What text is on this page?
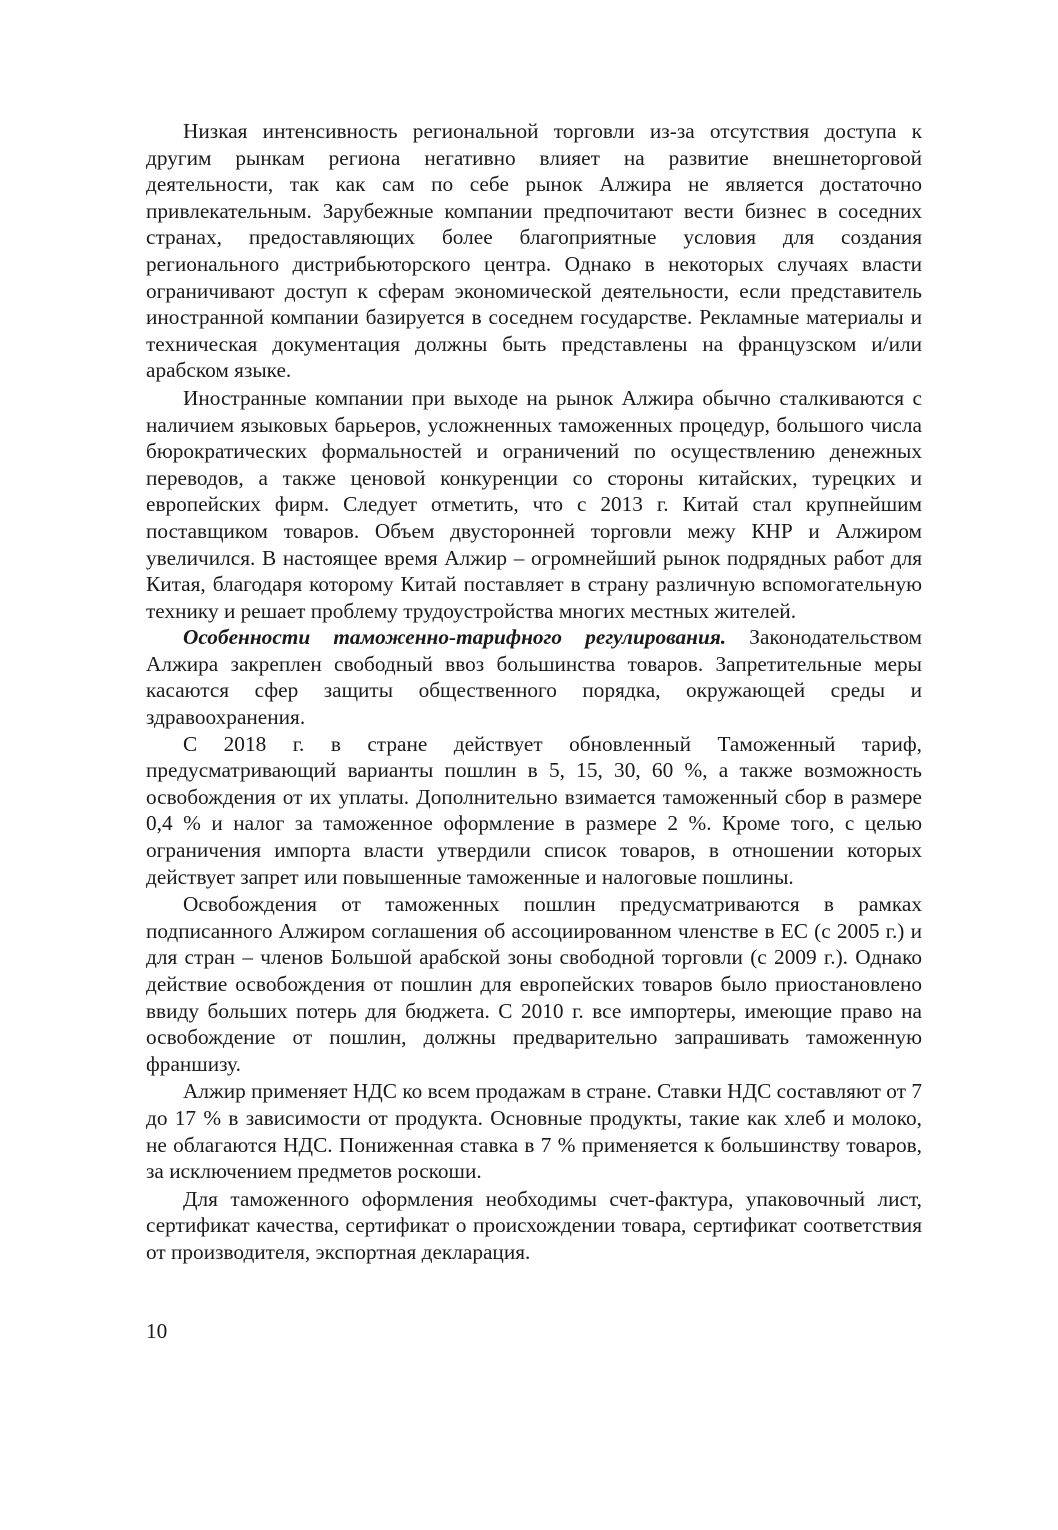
Низкая интенсивность региональной торговли из-за отсутствия доступа к другим рынкам региона негативно влияет на развитие внешнеторговой деятельности, так как сам по себе рынок Алжира не является достаточно привлекательным. Зарубежные компании предпочитают вести бизнес в соседних странах, предоставляющих более благоприятные условия для создания регионального дистрибьюторского центра. Однако в некоторых случаях власти ограничивают доступ к сферам экономической деятельности, если представитель иностранной компании базируется в соседнем государстве. Рекламные материалы и техническая документация должны быть представлены на французском и/или арабском языке.

Иностранные компании при выходе на рынок Алжира обычно сталкиваются с наличием языковых барьеров, усложненных таможенных процедур, большого числа бюрократических формальностей и ограничений по осуществлению денежных переводов, а также ценовой конкуренции со стороны китайских, турецких и европейских фирм. Следует отметить, что с 2013 г. Китай стал крупнейшим поставщиком товаров. Объем двусторонней торговли межу КНР и Алжиром увеличился. В настоящее время Алжир – огромнейший рынок подрядных работ для Китая, благодаря которому Китай поставляет в страну различную вспомогательную технику и решает проблему трудоустройства многих местных жителей.

Особенности таможенно-тарифного регулирования. Законодательством Алжира закреплен свободный ввоз большинства товаров. Запретительные меры касаются сфер защиты общественного порядка, окружающей среды и здравоохранения.

С 2018 г. в стране действует обновленный Таможенный тариф, предусматривающий варианты пошлин в 5, 15, 30, 60 %, а также возможность освобождения от их уплаты. Дополнительно взимается таможенный сбор в размере 0,4 % и налог за таможенное оформление в размере 2 %. Кроме того, с целью ограничения импорта власти утвердили список товаров, в отношении которых действует запрет или повышенные таможенные и налоговые пошлины.

Освобождения от таможенных пошлин предусматриваются в рамках подписанного Алжиром соглашения об ассоциированном членстве в ЕС (с 2005 г.) и для стран – членов Большой арабской зоны свободной торговли (с 2009 г.). Однако действие освобождения от пошлин для европейских товаров было приостановлено ввиду больших потерь для бюджета. С 2010 г. все импортеры, имеющие право на освобождение от пошлин, должны предварительно запрашивать таможенную франшизу.

Алжир применяет НДС ко всем продажам в стране. Ставки НДС составляют от 7 до 17 % в зависимости от продукта. Основные продукты, такие как хлеб и молоко, не облагаются НДС. Пониженная ставка в 7 % применяется к большинству товаров, за исключением предметов роскоши.

Для таможенного оформления необходимы счет-фактура, упаковочный лист, сертификат качества, сертификат о происхождении товара, сертификат соответствия от производителя, экспортная декларация.

10
